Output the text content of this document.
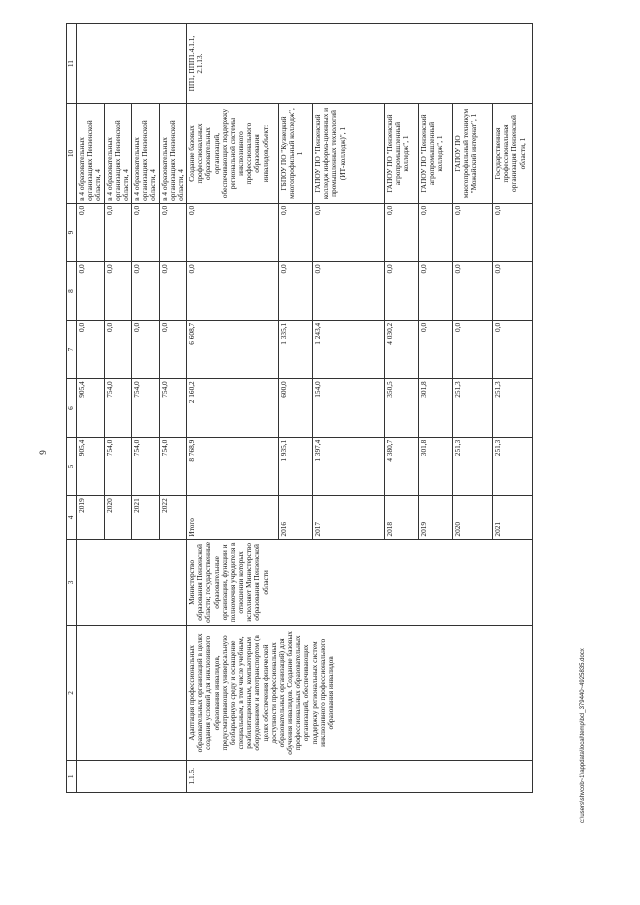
9
1	2	3	4	5	6	7	8	9	10	11
			2019	905,4	905,4	0,0	0,0	0,0	в 4 образовательных организациях Пензенской области, 4	
			2020	754,0	754,0	0,0	0,0	0,0	в 4 образовательных организациях Пензенской области, 4	
			2021	754,0	754,0	0,0	0,0	0,0	в 4 образовательных организациях Пензенской области, 4	
			2022	754,0	754,0	0,0	0,0	0,0	в 4 образовательных организациях Пензенской области, 4	
1.1.5.	Адаптация профессиональных образовательных организаций в целях создания условий для инклюзивного образования инвалидов, предусматривающих универсальную безбарьерную среду и оснащение специальным, в том числе учебным, реабилитационным, компьютерным оборудованием и автотранспортом (в целях обеспечения физической доступности профессиональных образовательных организаций) для обучения инвалидов. Создание базовых профессиональных образовательных организаций, обеспечивающих поддержку региональных систем инклюзивного профессионального образования инвалидов	Министерство образования Пензенской области; государственные образовательные организации, функции и полномочия учредителя в отношении которых исполняет Министерство образования Пензенской области	Итого	8 768,9	2 160,2	6 608,7	0,0	0,0	Создание базовых профессиональных образовательных организаций, обеспечивающих поддержку региональной системы инклюзивного профессионального образования инвалидов,объект:	ПП1, ППП1.4.1.1, 2.1.13.
			2016	1 935,1	600,0	1 335,1	0,0	0,0	ГБПОУ ПО "Кузнецкий многопрофильный колледж", 1	
			2017	1 397,4	154,0	1 243,4	0,0	0,0	ГАПОУ ПО "Пензенский колледж информа-ционных и промышленных технологий (ИТ-колледж)", 1	
			2018	4 380,7	350,5	4 030,2	0,0	0,0	ГАПОУ ПО "Пензенский агропромышленный колледж", 1	
			2019	301,8	301,8	0,0	0,0	0,0	ГАПОУ ПО "Пензенский агропромышленный колледж", 1	
			2020	251,3	251,3	0,0	0,0	0,0	ГАПОУ ПО многопрофильный техникум "Можайский интернат", 1	
			2021	251,3	251,3	0,0	0,0	0,0	Государственная профессиональная организация Пензенской области, 1	
c:\users\shvcob~1\appdata\local\temp\bcl_379440~4925835.docx
